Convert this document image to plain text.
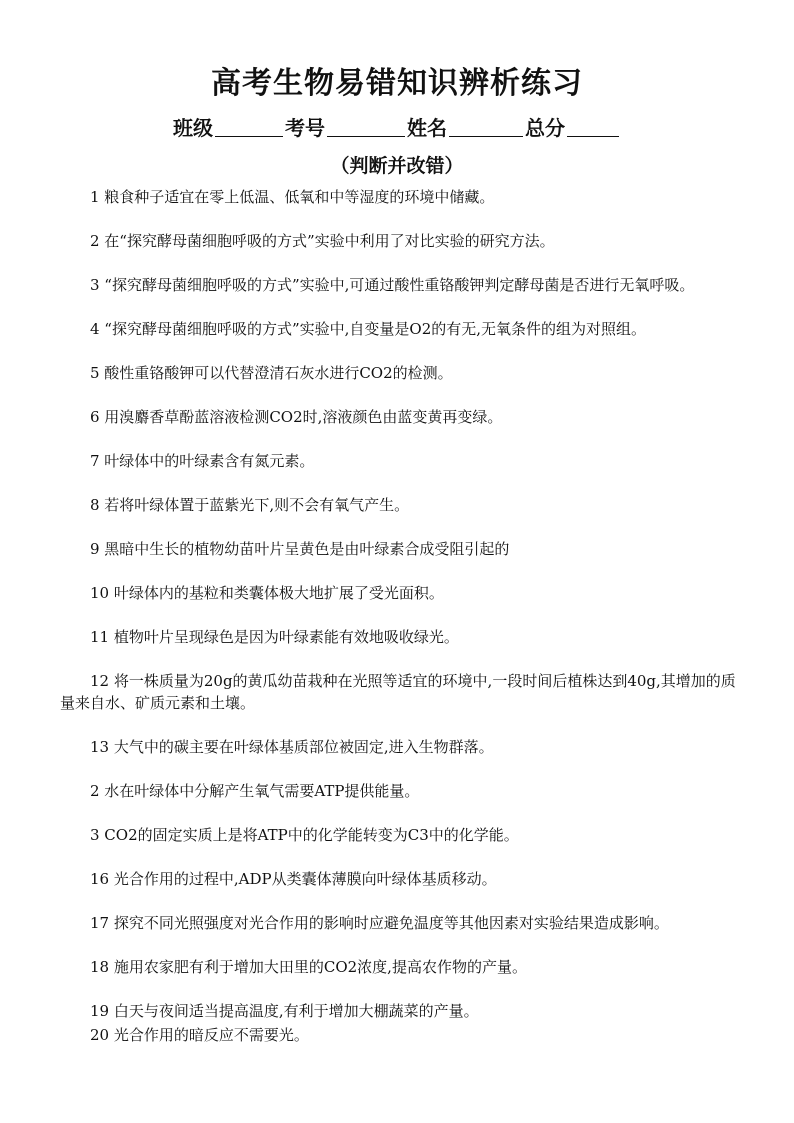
高考生物易错知识辨析练习
班级	考号	姓名	总分
（判断并改错）

1 粮食种子适宜在零上低温、低氧和中等湿度的环境中储藏。

2 在“探究酵母菌细胞呼吸的方式”实验中利用了对比实验的研究方法。

3 “探究酵母菌细胞呼吸的方式”实验中,可通过酸性重铬酸钾判定酵母菌是否进行无氧呼吸。

4 “探究酵母菌细胞呼吸的方式”实验中,自变量是O2的有无,无氧条件的组为对照组。

5 酸性重铬酸钾可以代替澄清石灰水进行CO2的检测。

6 用溴麝香草酚蓝溶液检测CO2时,溶液颜色由蓝变黄再变绿。

7 叶绿体中的叶绿素含有氮元素。

8 若将叶绿体置于蓝紫光下,则不会有氧气产生。

9 黑暗中生长的植物幼苗叶片呈黄色是由叶绿素合成受阻引起的

10 叶绿体内的基粒和类囊体极大地扩展了受光面积。

11 植物叶片呈现绿色是因为叶绿素能有效地吸收绿光。

12 将一株质量为20g的黄瓜幼苗栽种在光照等适宜的环境中,一段时间后植株达到40g,其增加的质量来自水、矿质元素和土壤。

13 大气中的碳主要在叶绿体基质部位被固定,进入生物群落。

2 水在叶绿体中分解产生氧气需要ATP提供能量。

3 CO2的固定实质上是将ATP中的化学能转变为C3中的化学能。

16 光合作用的过程中,ADP从类囊体薄膜向叶绿体基质移动。

17 探究不同光照强度对光合作用的影响时应避免温度等其他因素对实验结果造成影响。

18 施用农家肥有利于增加大田里的CO2浓度,提高农作物的产量。

19 白天与夜间适当提高温度,有利于增加大棚蔬菜的产量。

20 光合作用的暗反应不需要光。
